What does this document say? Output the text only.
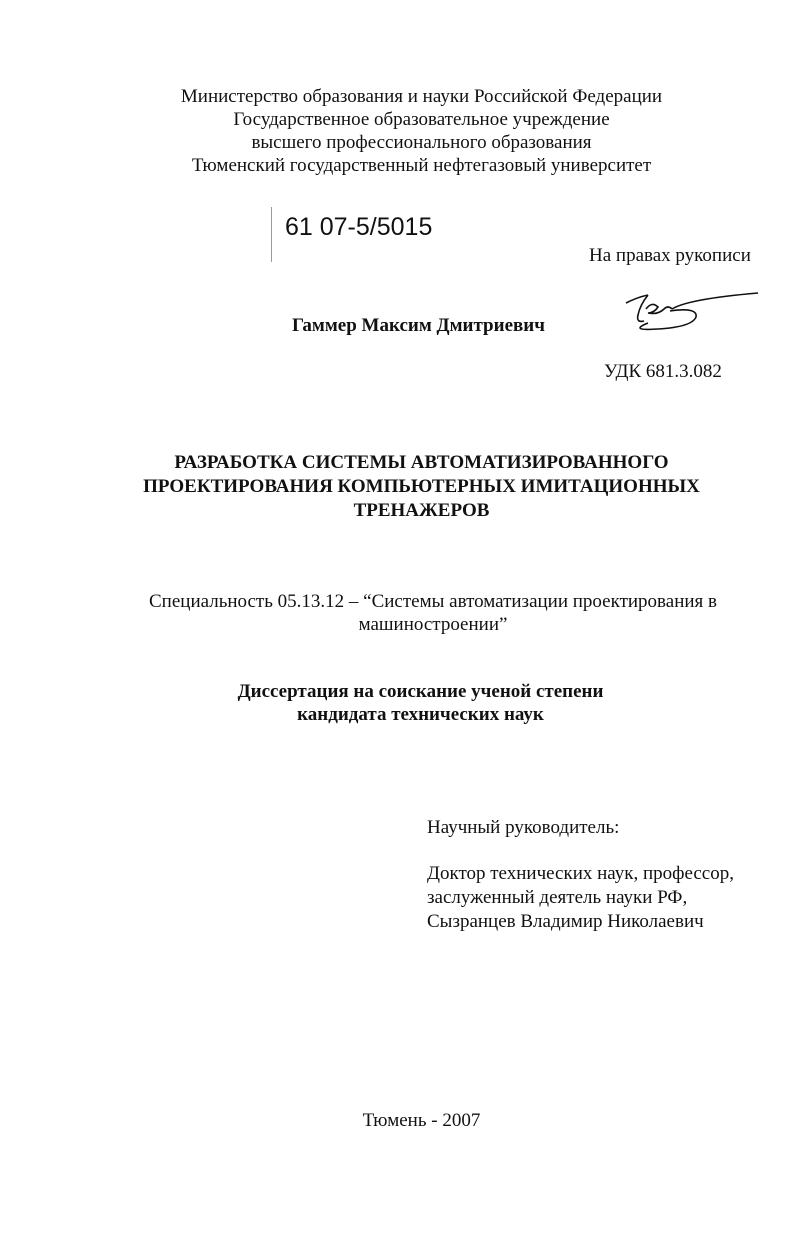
Министерство образования и науки Российской Федерации
Государственное образовательное учреждение
высшего профессионального образования
Тюменский государственный нефтегазовый университет
61 07-5/5015
На правах рукописи
Гаммер Максим Дмитриевич
УДК 681.3.082
РАЗРАБОТКА СИСТЕМЫ АВТОМАТИЗИРОВАННОГО
ПРОЕКТИРОВАНИЯ КОМПЬЮТЕРНЫХ ИМИТАЦИОННЫХ
ТРЕНАЖЕРОВ
Специальность 05.13.12 – “Системы автоматизации проектирования в
машиностроении”
Диссертация на соискание ученой степени
кандидата технических наук
Научный руководитель:
Доктор технических наук, профессор,
заслуженный деятель науки РФ,
Сызранцев Владимир Николаевич
Тюмень - 2007
